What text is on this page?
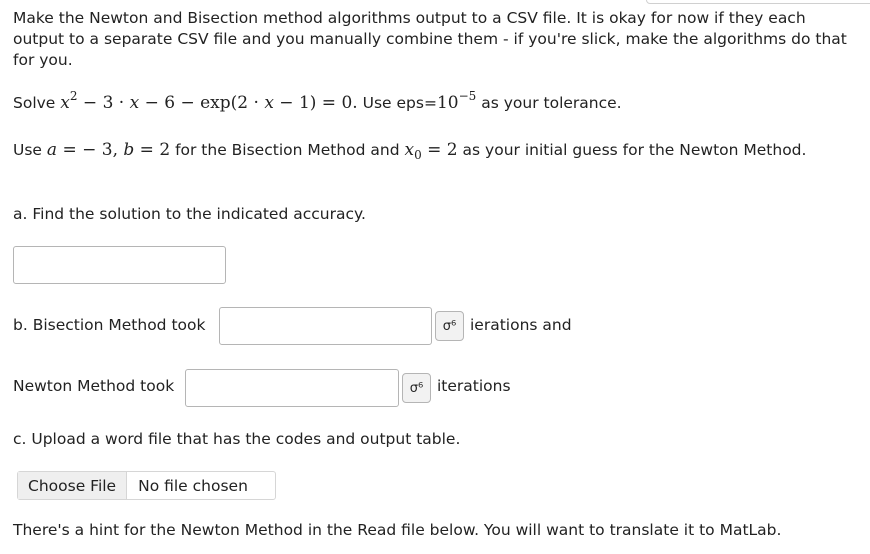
Make the Newton and Bisection method algorithms output to a CSV file. It is okay for now if they each output to a separate CSV file and you manually combine them - if you're slick, make the algorithms do that for you.

Solve $x^2 - 3 \cdot x - 6 - \exp(2 \cdot x - 1) = 0$. Use $eps=10^{-5}$ as your tolerance.

Use a = − 3, b = 2 for the Bisection Method and $x_0 = 2$ as your initial guess for the Newton Method.

a. Find the solution to the indicated accuracy.
b. Bisection Method took	σ⁶ ierations and
Newton Method took	σ⁶ iterations
c. Upload a word file that has the codes and output table.
Choose File	No file chosen
There's a hint for the Newton Method in the Read file below. You will want to translate it to MatLab.
